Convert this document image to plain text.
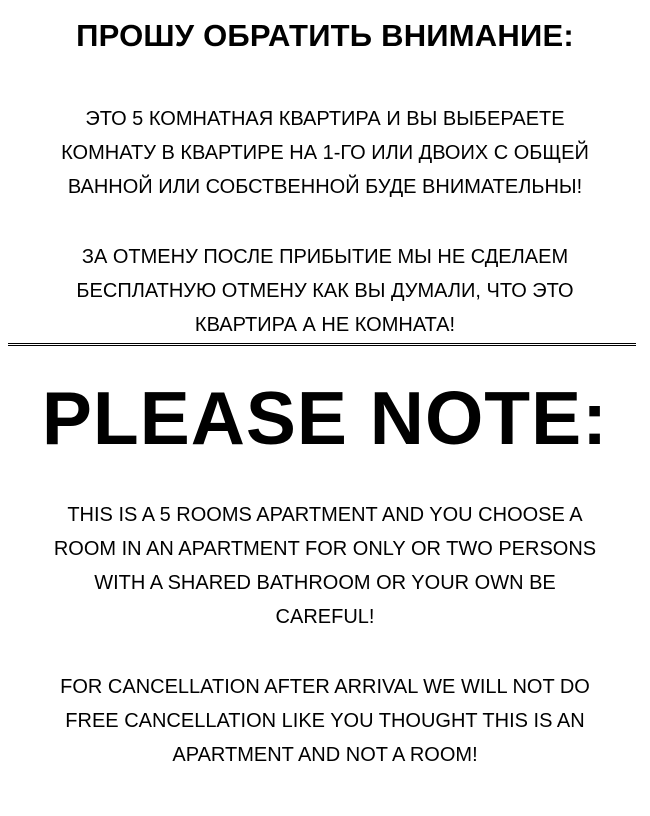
ПРОШУ ОБРАТИТЬ ВНИМАНИЕ:
ЭТО 5 КОМНАТНАЯ КВАРТИРА И ВЫ ВЫБЕРАЕТЕ
КОМНАТУ В КВАРТИРЕ НА 1-ГО ИЛИ ДВОИХ С ОБЩЕЙ
ВАННОЙ ИЛИ СОБСТВЕННОЙ БУДЕ ВНИМАТЕЛЬНЫ!
ЗА ОТМЕНУ ПОСЛЕ ПРИБЫТИЕ МЫ НЕ СДЕЛАЕМ
БЕСПЛАТНУЮ ОТМЕНУ КАК ВЫ ДУМАЛИ, ЧТО ЭТО
КВАРТИРА А НЕ КОМНАТА!
PLEASE NOTE:
THIS IS A 5 ROOMS APARTMENT AND YOU CHOOSE A
ROOM IN AN APARTMENT FOR ONLY OR TWO PERSONS
WITH A SHARED BATHROOM OR YOUR OWN BE
CAREFUL!
FOR CANCELLATION AFTER ARRIVAL WE WILL NOT DO
FREE CANCELLATION LIKE YOU THOUGHT THIS IS AN
APARTMENT AND NOT A ROOM!
